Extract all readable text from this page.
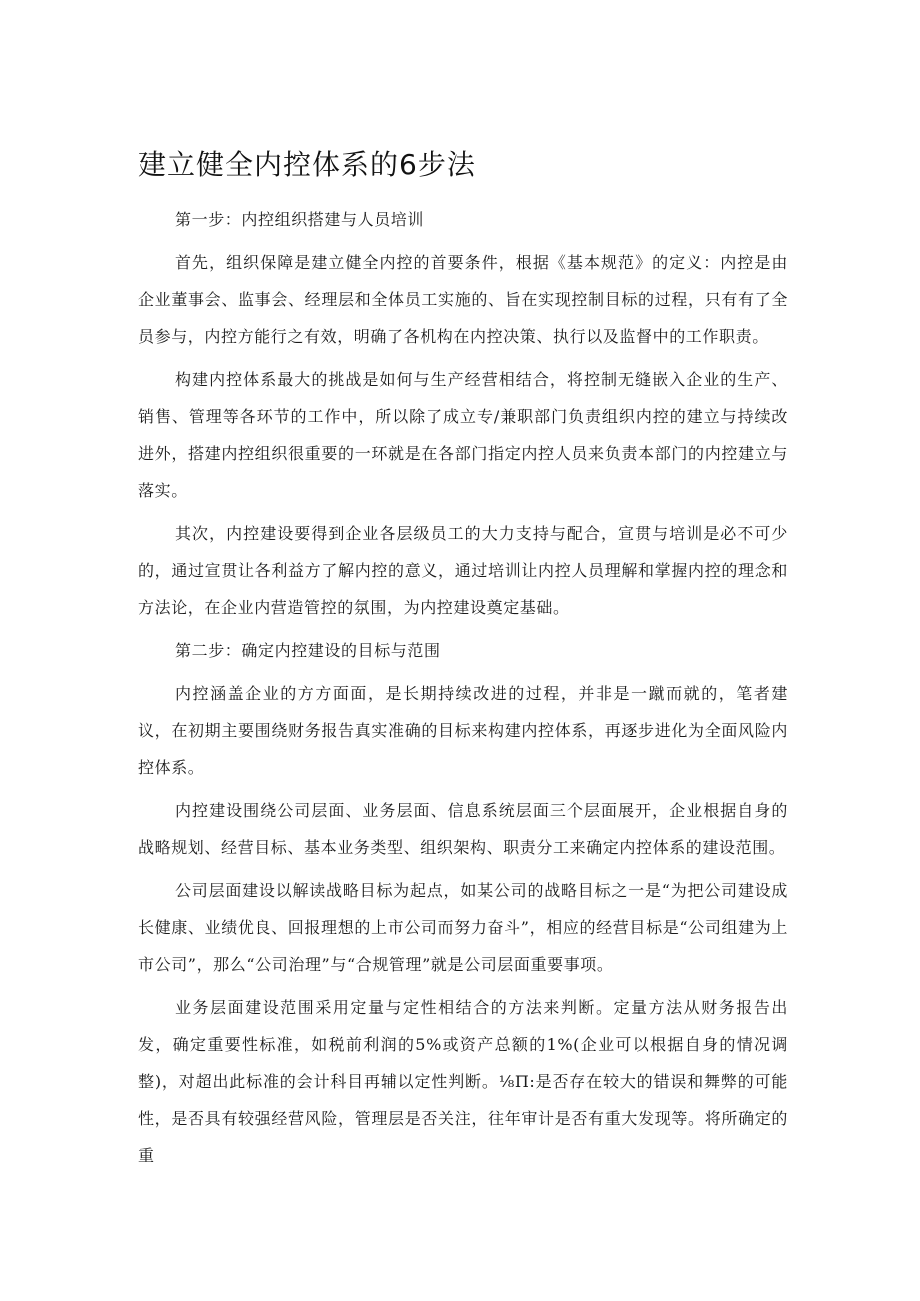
建立健全内控体系的6步法

第一步：内控组织搭建与人员培训

首先，组织保障是建立健全内控的首要条件，根据《基本规范》的定义：内控是由企业董事会、监事会、经理层和全体员工实施的、旨在实现控制目标的过程，只有有了全员参与，内控方能行之有效，明确了各机构在内控决策、执行以及监督中的工作职责。

构建内控体系最大的挑战是如何与生产经营相结合，将控制无缝嵌入企业的生产、销售、管理等各环节的工作中，所以除了成立专/兼职部门负责组织内控的建立与持续改进外，搭建内控组织很重要的一环就是在各部门指定内控人员来负责本部门的内控建立与落实。

其次，内控建设要得到企业各层级员工的大力支持与配合，宣贯与培训是必不可少的，通过宣贯让各利益方了解内控的意义，通过培训让内控人员理解和掌握内控的理念和方法论，在企业内营造管控的氛围，为内控建设奠定基础。

第二步：确定内控建设的目标与范围

内控涵盖企业的方方面面，是长期持续改进的过程，并非是一蹴而就的，笔者建议，在初期主要围绕财务报告真实准确的目标来构建内控体系，再逐步进化为全面风险内控体系。

内控建设围绕公司层面、业务层面、信息系统层面三个层面展开，企业根据自身的战略规划、经营目标、基本业务类型、组织架构、职责分工来确定内控体系的建设范围。

公司层面建设以解读战略目标为起点，如某公司的战略目标之一是“为把公司建设成长健康、业绩优良、回报理想的上市公司而努力奋斗”，相应的经营目标是“公司组建为上市公司”，那么“公司治理”与“合规管理”就是公司层面重要事项。

业务层面建设范围采用定量与定性相结合的方法来判断。定量方法从财务报告出发，确定重要性标准，如税前利润的5%或资产总额的1%(企业可以根据自身的情况调整)，对超出此标准的会计科目再辅以定性判断。⅛Π:是否存在较大的错误和舞弊的可能性，是否具有较强经营风险，管理层是否关注，往年审计是否有重大发现等。将所确定的重
